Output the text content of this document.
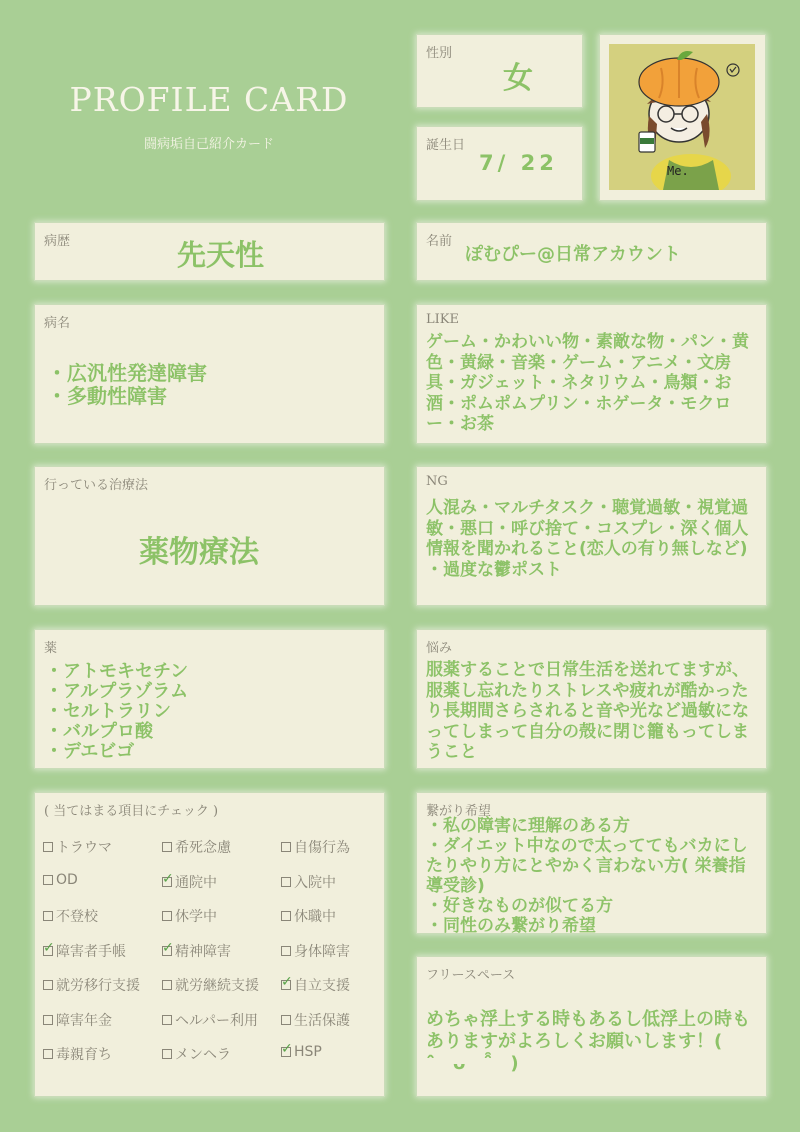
PROFILE CARD
闘病垢自己紹介カード
性別
女
誕生日
7/ 22	Me.
病歴	先天性	名前
ぽむぴー@日常アカウント
病名
・広汎性発達障害
・多動性障害
LIKE
ゲーム・かわいい物・素敵な物・パン・黄色・黄緑・音楽・ゲーム・アニメ・文房具・ガジェット・ネタリウム・鳥類・お酒・ポムポムプリン・ホゲータ・モクロー・お茶
行っている治療法
薬物療法
NG
人混み・マルチタスク・聴覚過敏・視覚過敏・悪口・呼び捨て・コスプレ・深く個人情報を聞かれること(恋人の有り無しなど) ・過度な鬱ポスト
薬
・アトモキセチン
・アルプラゾラム
・セルトラリン
・バルプロ酸
・デエビゴ
悩み
服薬することで日常生活を送れてますが、服薬し忘れたりストレスや疲れが酷かったり長期間さらされると音や光など過敏になってしまって自分の殻に閉じ籠もってしまうこと
( 当てはまる項目にチェック )
トラウマ	希死念慮	自傷行為
OD ✓	通院中	入院中
不登校	休学中	休職中
✓
障害者手帳 ✓	精神障害	身体障害
就労移行支援	就労継続支援 ✓	自立支援
障害年金	ヘルパー利用	生活保護
毒親育ち	メンヘラ ✓	HSP
繋がり希望
・私の障害に理解のある方
・ダイエット中なので太っててもバカにしたりやり方にとやかく言わない方( 栄養指導受診)
・好きなものが似てる方
・同性のみ繋がり希望
フリースペース
めちゃ浮上する時もあるし低浮上の時もありますがよろしくお願いします！(　　ˆ̑̑　ᴗ　ˆ̑̑　)
